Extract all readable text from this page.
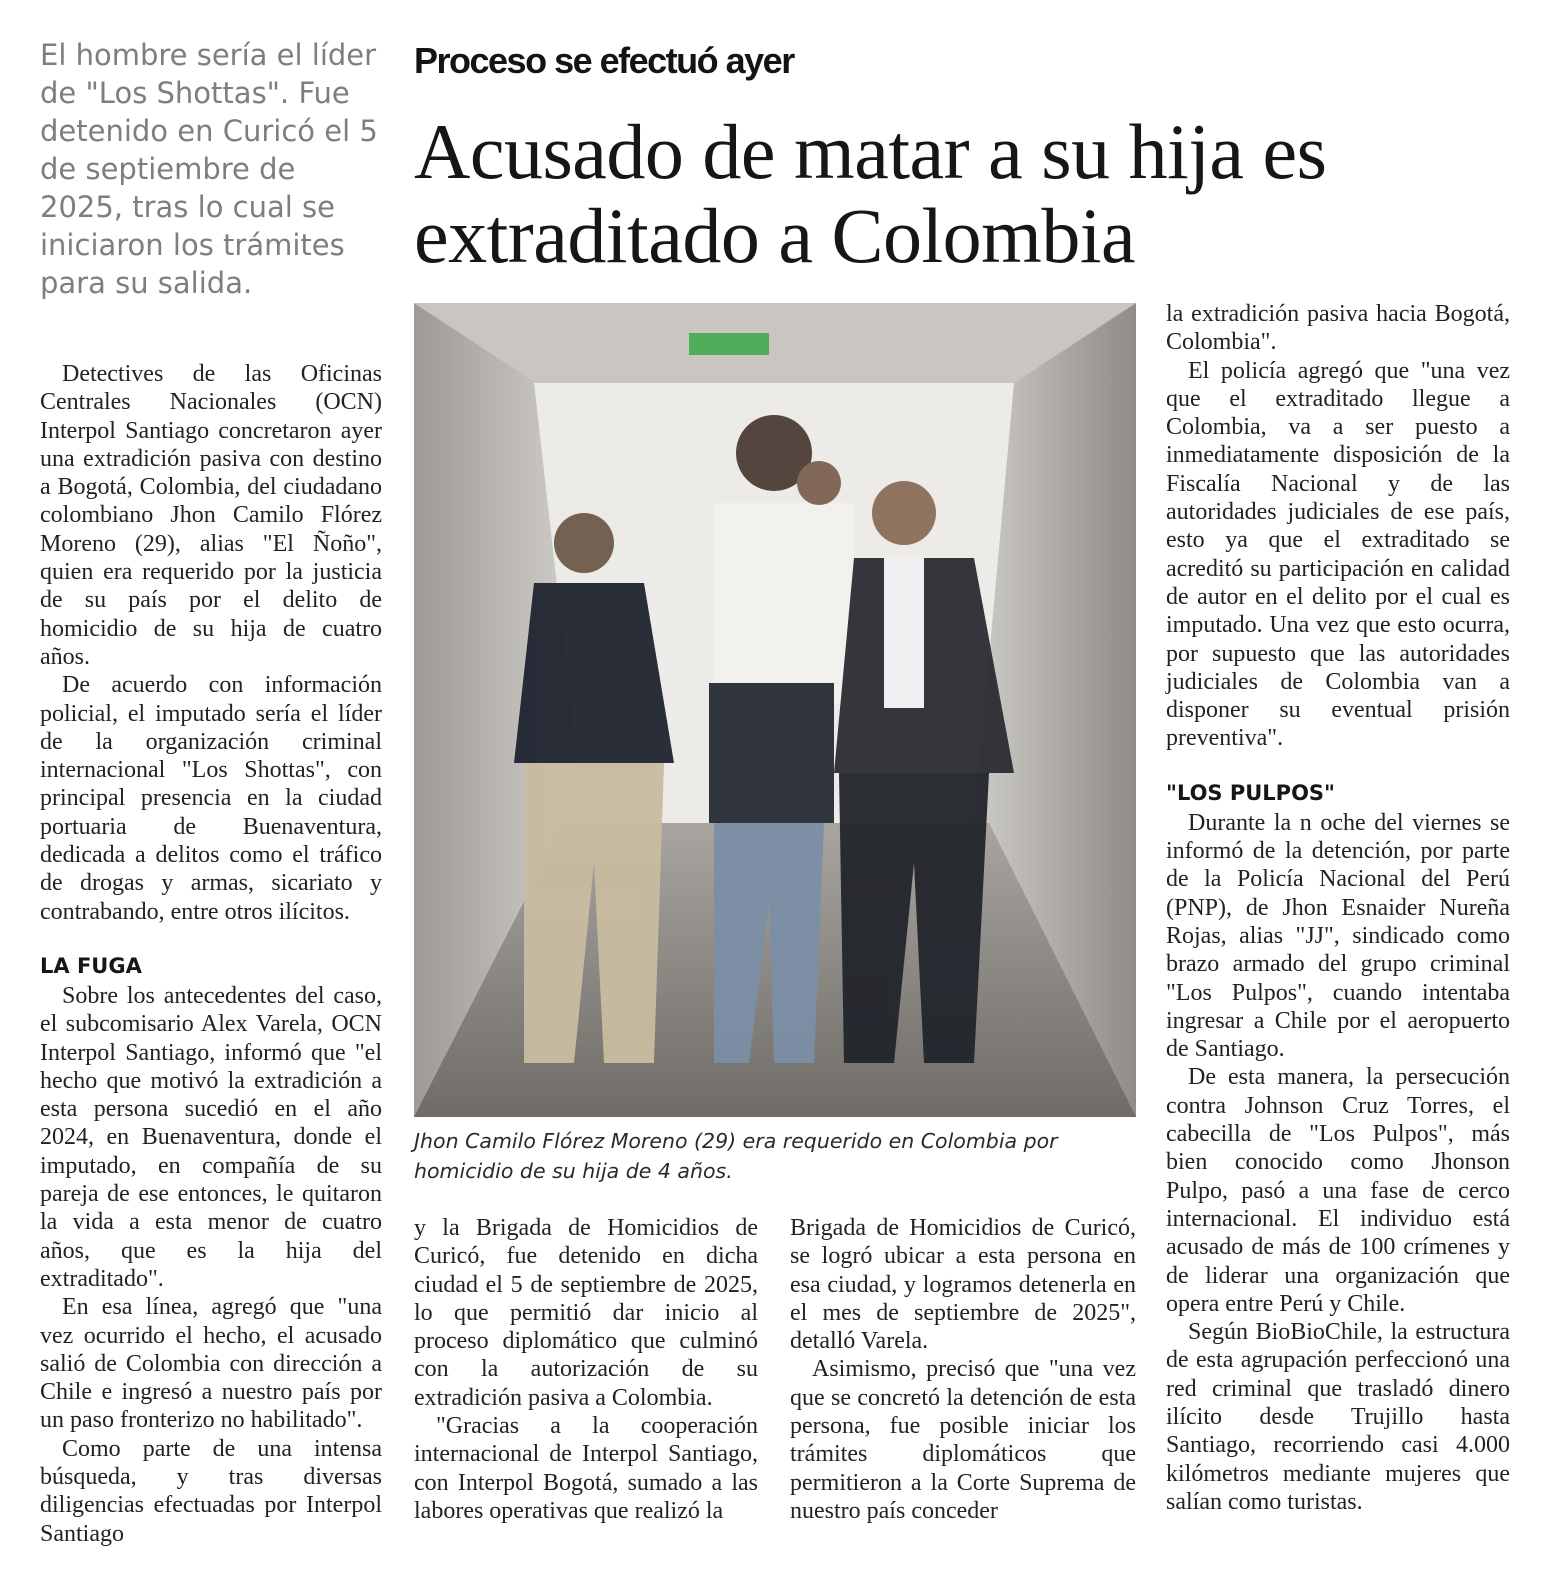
El hombre sería el líder de "Los Shottas". Fue detenido en Curicó el 5 de septiembre de 2025, tras lo cual se iniciaron los trámites para su salida.

Proceso se efectuó ayer

Acusado de matar a su hija es extraditado a Colombia

Detectives de las Oficinas Centrales Nacionales (OCN) Interpol Santiago concretaron ayer una extradición pasiva con destino a Bogotá, Colombia, del ciudadano colombiano Jhon Camilo Flórez Moreno (29), alias "El Ñoño", quien era requerido por la justicia de su país por el delito de homicidio de su hija de cuatro años.

De acuerdo con información policial, el imputado sería el líder de la organización criminal internacional "Los Shottas", con principal presencia en la ciudad portuaria de Buenaventura, dedicada a delitos como el tráfico de drogas y armas, sicariato y contrabando, entre otros ilícitos.

LA FUGA

Sobre los antecedentes del caso, el subcomisario Alex Varela, OCN Interpol Santiago, informó que "el hecho que motivó la extradición a esta persona sucedió en el año 2024, en Buenaventura, donde el imputado, en compañía de su pareja de ese entonces, le quitaron la vida a esta menor de cuatro años, que es la hija del extraditado".

En esa línea, agregó que "una vez ocurrido el hecho, el acusado salió de Colombia con dirección a Chile e ingresó a nuestro país por un paso fronterizo no habilitado".

Como parte de una intensa búsqueda, y tras diversas diligencias efectuadas por Interpol Santiago

Jhon Camilo Flórez Moreno (29) era requerido en Colombia por homicidio de su hija de 4 años.

y la Brigada de Homicidios de Curicó, fue detenido en dicha ciudad el 5 de septiembre de 2025, lo que permitió dar inicio al proceso diplomático que culminó con la autorización de su extradición pasiva a Colombia.

"Gracias a la cooperación internacional de Interpol Santiago, con Interpol Bogotá, sumado a las labores operativas que realizó la

Brigada de Homicidios de Curicó, se logró ubicar a esta persona en esa ciudad, y logramos detenerla en el mes de septiembre de 2025", detalló Varela.

Asimismo, precisó que "una vez que se concretó la detención de esta persona, fue posible iniciar los trámites diplomáticos que permitieron a la Corte Suprema de nuestro país conceder

la extradición pasiva hacia Bogotá, Colombia".

El policía agregó que "una vez que el extraditado llegue a Colombia, va a ser puesto a inmediatamente disposición de la Fiscalía Nacional y de las autoridades judiciales de ese país, esto ya que el extraditado se acreditó su participación en calidad de autor en el delito por el cual es imputado. Una vez que esto ocurra, por supuesto que las autoridades judiciales de Colombia van a disponer su eventual prisión preventiva".

"LOS PULPOS"

Durante la n oche del viernes se informó de la detención, por parte de la Policía Nacional del Perú (PNP), de Jhon Esnaider Nureña Rojas, alias "JJ", sindicado como brazo armado del grupo criminal "Los Pulpos", cuando intentaba ingresar a Chile por el aeropuerto de Santiago.

De esta manera, la persecución contra Johnson Cruz Torres, el cabecilla de "Los Pulpos", más bien conocido como Jhonson Pulpo, pasó a una fase de cerco internacional. El individuo está acusado de más de 100 crímenes y de liderar una organización que opera entre Perú y Chile.

Según BioBioChile, la estructura de esta agrupación perfeccionó una red criminal que trasladó dinero ilícito desde Trujillo hasta Santiago, recorriendo casi 4.000 kilómetros mediante mujeres que salían como turistas.
